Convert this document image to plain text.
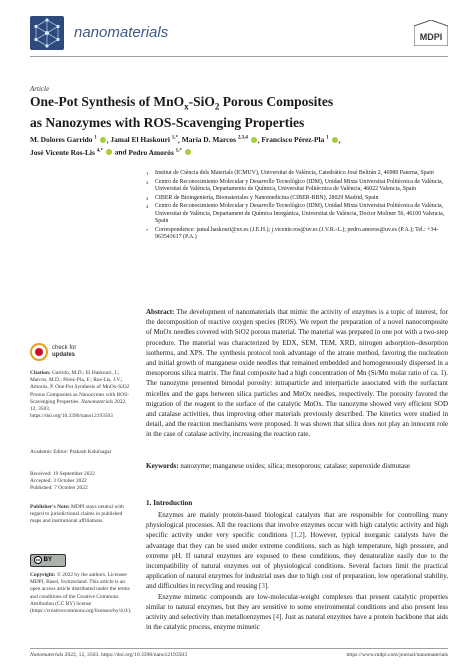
nanomaterials	MDPI
Article
One-Pot Synthesis of MnO$_x$-SiO$_2$ Porous Composites
as Nanozymes with ROS-Scavenging Properties
M. Dolores Garrido $^1$ , Jamal El Haskouri $^{1,*}$, María D. Marcos $^{2,3,4}$ , Francisco Pérez-Pla $^1$ ,
José Vicente Ros-Lis $^{4,*}$  and Pedro Amorós $^{1,*}$
1 Institut de Ciència dels Materials (ICMUV), Universitat de València, Catedrático José Beltrán 2, 46980 Paterna, Spain
2 Centro de Reconocimiento Molecular y Desarrollo Tecnológico (IDM), Unidad Mixta Universitat Politècnica de València, Universitat de València, Departamento de Química, Universitat Politècnica de València, 46022 Valencia, Spain
3 CIBER de Bioingeniería, Biomateriales y Nanomedicina (CIBER-BBN), 28029 Madrid, Spain
4 Centro de Reconocimiento Molecular y Desarrollo Tecnológico (IDM), Unidad Mixta Universitat Politècnica de València, Universitat de València, Departament de Química Inorgànica, Universitat de València, Doctor Moliner 56, 46100 Valencia, Spain
* Correspondence: jamal.haskouri@uv.es (J.E.H.); j.vicente.ros@uv.es (J.V.R.-L.); pedro.amoros@uv.es (P.A.); Tel.: +34-963543617 (P.A.)
check for
updates
Citation: Garrido, M.D.; El Haskouri, J.; Marcos, M.D.; Pérez-Pla, F.; Ros-Lis, J.V.; Amorós, P. One-Pot Synthesis of MnOx-SiO2 Porous Composites as Nanozymes with ROS-Scavenging Properties. Nanomaterials 2022, 12, 3503. https://doi.org/10.3390/nano12193503
Academic Editor: Prakash Kshirsagar
Received: 19 September 2022
Accepted: 3 October 2022
Published: 7 October 2022
Publisher's Note: MDPI stays neutral with regard to jurisdictional claims in published maps and institutional affiliations.
cc BY
Copyright: © 2022 by the authors. Licensee MDPI, Basel, Switzerland. This article is an open access article distributed under the terms and conditions of the Creative Commons Attribution (CC BY) license (https://creativecommons.org/licenses/by/4.0/).
Abstract: The development of nanomaterials that mimic the activity of enzymes is a topic of interest, for the decomposition of reactive oxygen species (ROS). We report the preparation of a novel nanocomposite of MnOx needles covered with SiO2 porous material. The material was prepared in one pot with a two-step procedure. The material was characterized by EDX, SEM, TEM, XRD, nitrogen adsorption–desorption isotherms, and XPS. The synthesis protocol took advantage of the atrane method, favoring the nucleation and initial growth of manganese oxide needles that remained embedded and homogeneously dispersed in a mesoporous silica matrix. The final composite had a high concentration of Mn (Si/Mn molar ratio of ca. 1). The nanozyme presented bimodal porosity: intraparticle and interparticle associated with the surfactant micelles and the gaps between silica particles and MnOx needles, respectively. The porosity favored the migration of the reagent to the surface of the catalytic MnOx. The nanozyme showed very efficient SOD and catalase activities, thus improving other materials previously described. The kinetics were studied in detail, and the reaction mechanisms were proposed. It was shown that silica does not play an innocent role in the case of catalase activity, increasing the reaction rate.
Keywords: nanozyme; manganese oxides; silica; mesoporous; catalase; superoxide dismutase
1. Introduction

Enzymes are mainly protein-based biological catalysts that are responsible for controlling many physiological processes. All the reactions that involve enzymes occur with high catalytic activity and high specific activity under very specific conditions [1,2]. However, typical inorganic catalysts have the advantage that they can be used under extreme conditions, such as high temperature, high pressure, and extreme pH. If natural enzymes are exposed to these conditions, they denaturalize easily due to the incompatibility of natural enzymes out of physiological conditions. Several factors limit the practical application of natural enzymes for industrial uses due to high cost of preparation, low operational stability, and difficulties in recycling and reusing [3].

Enzyme mimetic compounds are low-molecular-weight complexes that present catalytic properties similar to natural enzymes, but they are sensitive to some environmental conditions and also present less activity and selectivity than metalloenzymes [4]. Just as natural enzymes have a protein backbone that aids in the catalytic process, enzyme mimetic

Nanomaterials 2022, 12, 3503. https://doi.org/10.3390/nano12193503	https://www.mdpi.com/journal/nanomaterials
